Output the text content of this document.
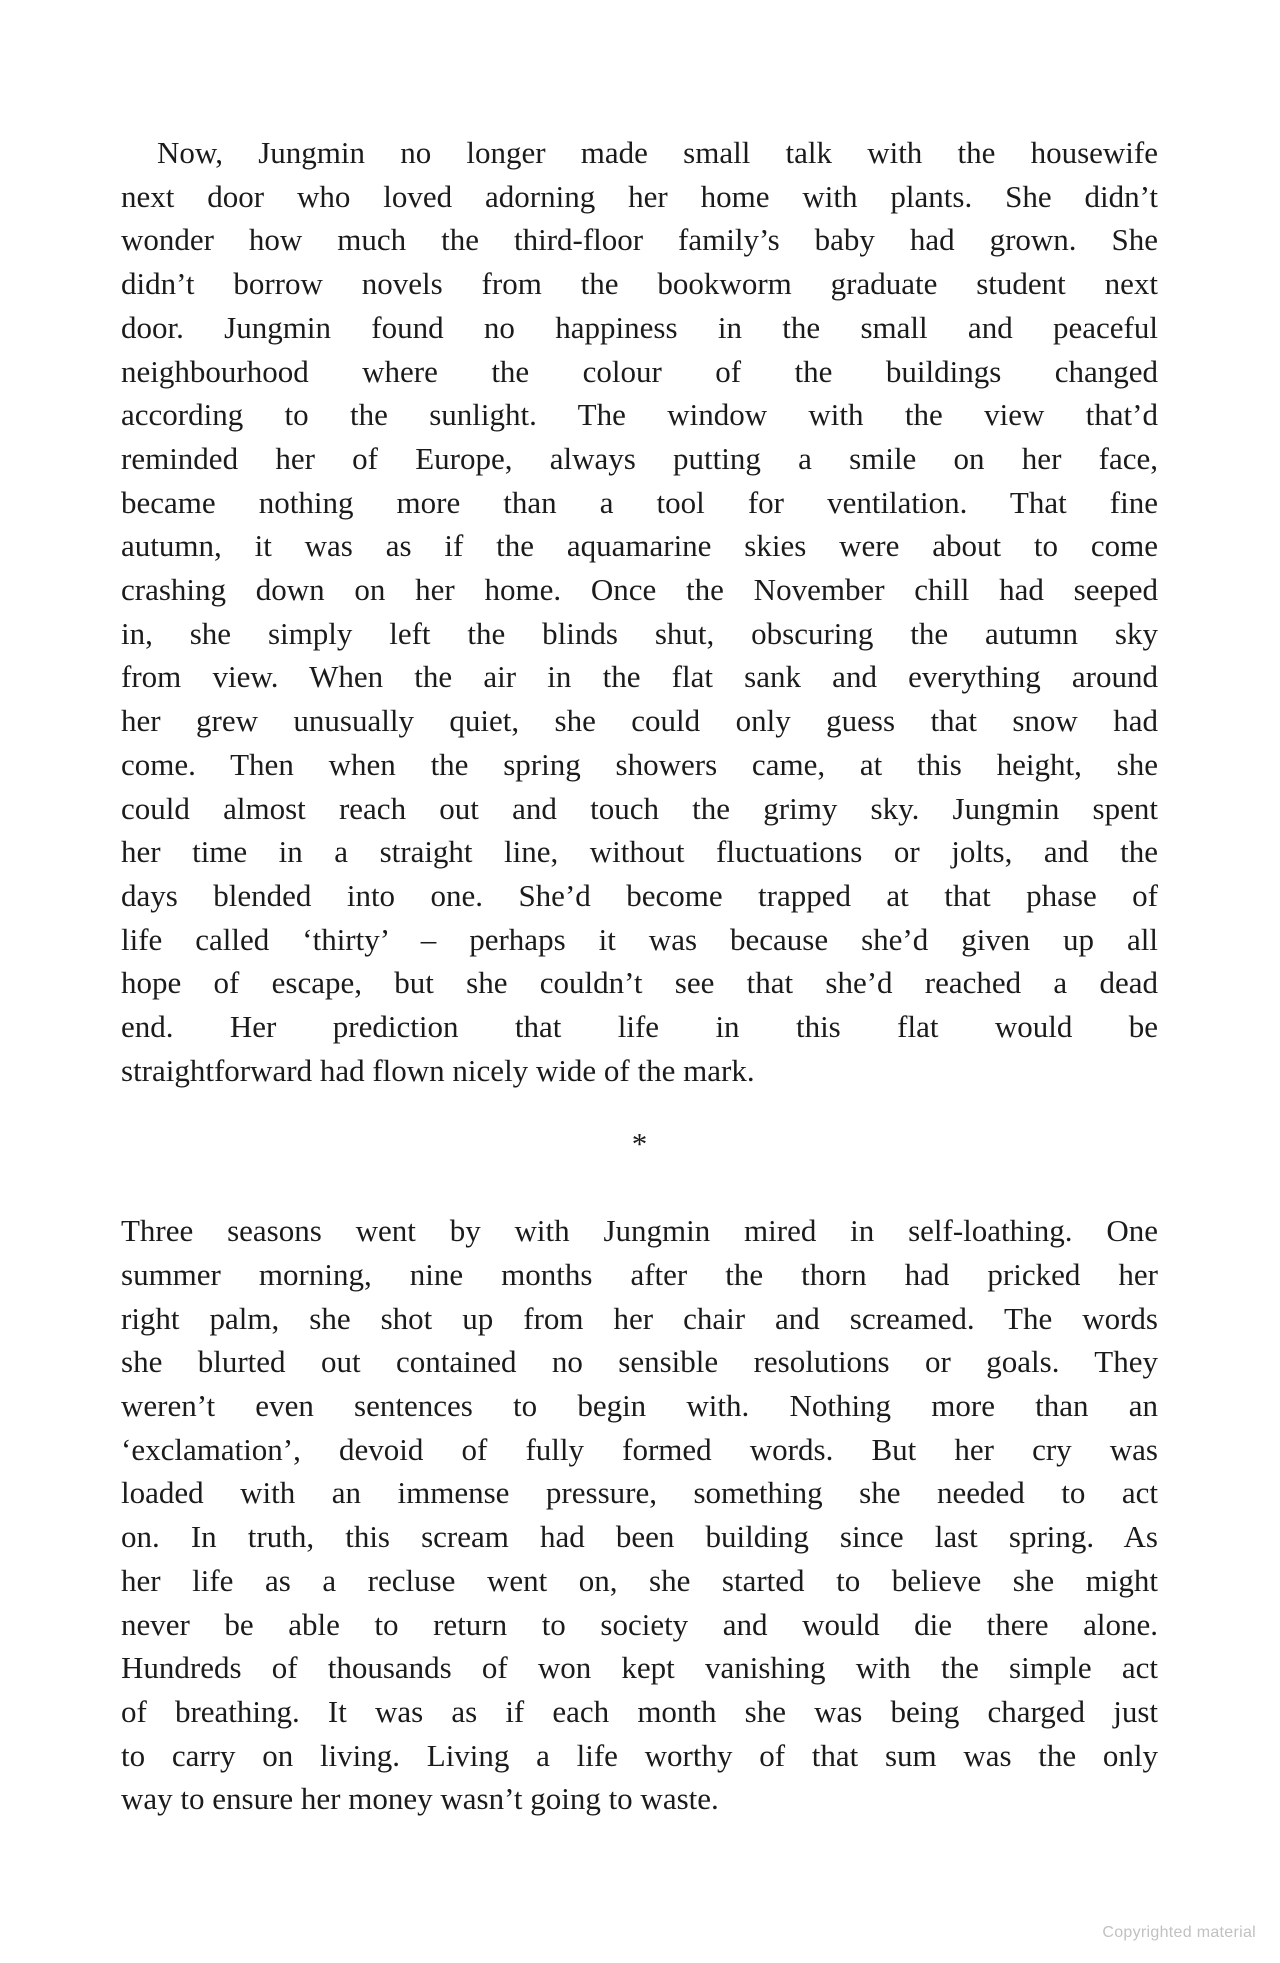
Now, Jungmin no longer made small talk with the housewife
next door who loved adorning her home with plants. She didn’t
wonder how much the third-floor family’s baby had grown. She
didn’t borrow novels from the bookworm graduate student next
door. Jungmin found no happiness in the small and peaceful
neighbourhood where the colour of the buildings changed
according to the sunlight. The window with the view that’d
reminded her of Europe, always putting a smile on her face,
became nothing more than a tool for ventilation. That fine
autumn, it was as if the aquamarine skies were about to come
crashing down on her home. Once the November chill had seeped
in, she simply left the blinds shut, obscuring the autumn sky
from view. When the air in the flat sank and everything around
her grew unusually quiet, she could only guess that snow had
come. Then when the spring showers came, at this height, she
could almost reach out and touch the grimy sky. Jungmin spent
her time in a straight line, without fluctuations or jolts, and the
days blended into one. She’d become trapped at that phase of
life called ‘thirty’ – perhaps it was because she’d given up all
hope of escape, but she couldn’t see that she’d reached a dead
end. Her prediction that life in this flat would be
straightforward had flown nicely wide of the mark.
*
Three seasons went by with Jungmin mired in self-loathing. One
summer morning, nine months after the thorn had pricked her
right palm, she shot up from her chair and screamed. The words
she blurted out contained no sensible resolutions or goals. They
weren’t even sentences to begin with. Nothing more than an
‘exclamation’, devoid of fully formed words. But her cry was
loaded with an immense pressure, something she needed to act
on. In truth, this scream had been building since last spring. As
her life as a recluse went on, she started to believe she might
never be able to return to society and would die there alone.
Hundreds of thousands of won kept vanishing with the simple act
of breathing. It was as if each month she was being charged just
to carry on living. Living a life worthy of that sum was the only
way to ensure her money wasn’t going to waste.
Copyrighted material
